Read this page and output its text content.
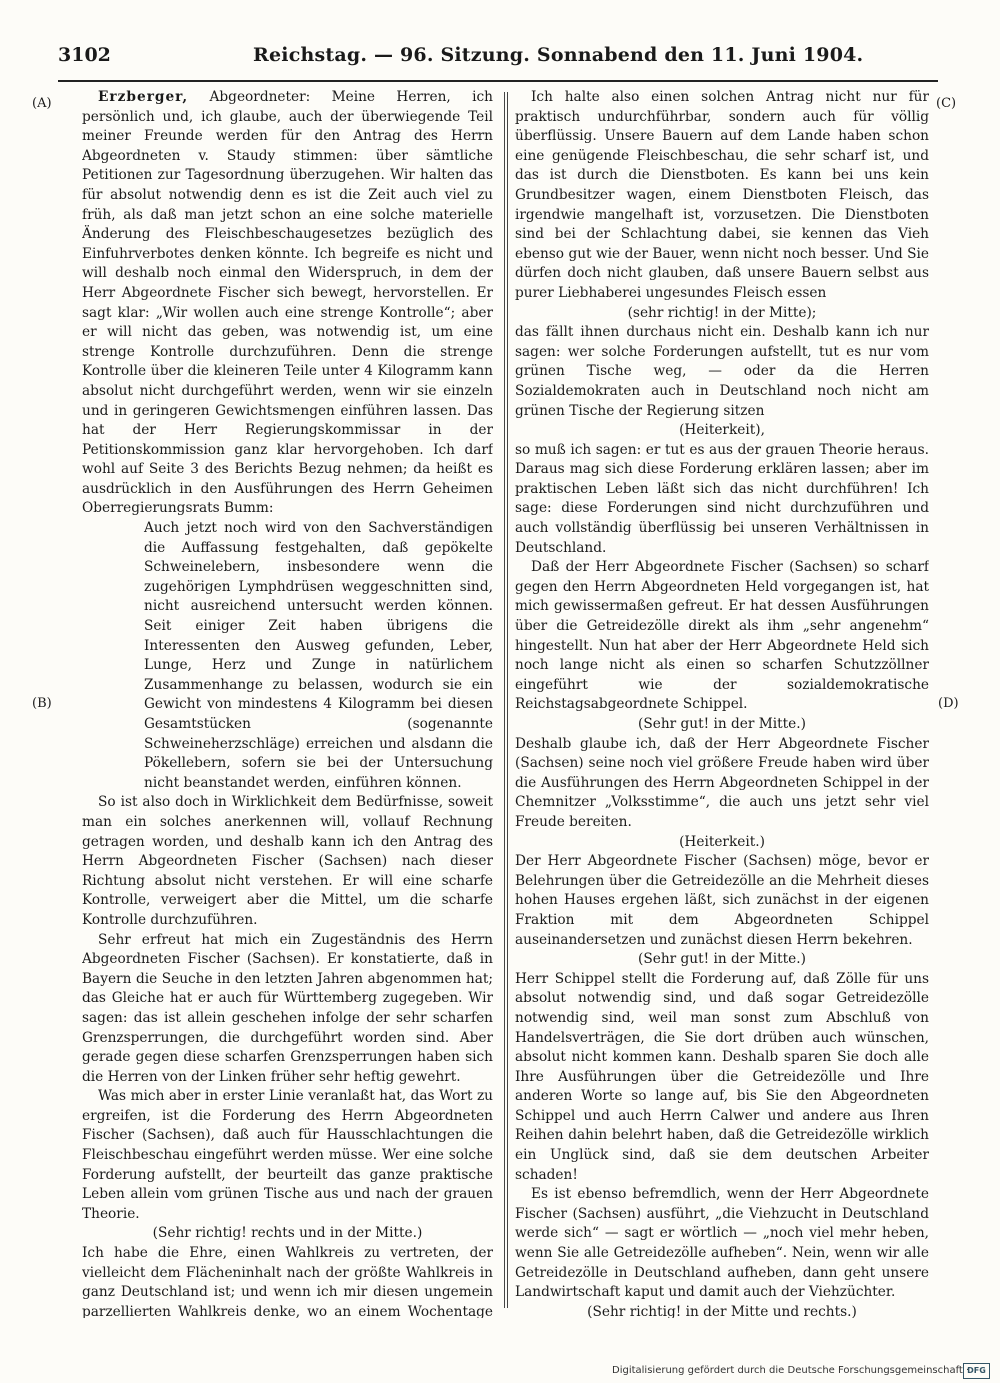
3102	Reichstag. — 96. Sitzung. Sonnabend den 11. Juni 1904.
(A)
(B)
(C)
(D)

Erzberger, Abgeordneter: Meine Herren, ich persönlich und, ich glaube, auch der überwiegende Teil meiner Freunde werden für den Antrag des Herrn Abgeordneten v. Staudy stimmen: über sämtliche Petitionen zur Tagesordnung überzugehen. Wir halten das für absolut notwendig denn es ist die Zeit auch viel zu früh, als daß man jetzt schon an eine solche materielle Änderung des Fleischbeschaugesetzes bezüglich des Einfuhrverbotes denken könnte. Ich begreife es nicht und will deshalb noch einmal den Widerspruch, in dem der Herr Abgeordnete Fischer sich bewegt, hervorstellen. Er sagt klar: „Wir wollen auch eine strenge Kontrolle“; aber er will nicht das geben, was notwendig ist, um eine strenge Kontrolle durchzuführen. Denn die strenge Kontrolle über die kleineren Teile unter 4 Kilogramm kann absolut nicht durchgeführt werden, wenn wir sie einzeln und in geringeren Gewichtsmengen einführen lassen. Das hat der Herr Regierungskommissar in der Petitionskommission ganz klar hervorgehoben. Ich darf wohl auf Seite 3 des Berichts Bezug nehmen; da heißt es ausdrücklich in den Ausführungen des Herrn Geheimen Oberregierungsrats Bumm:

Auch jetzt noch wird von den Sachverständigen die Auffassung festgehalten, daß gepökelte Schweinelebern, insbesondere wenn die zugehörigen Lymphdrüsen weggeschnitten sind, nicht ausreichend untersucht werden können. Seit einiger Zeit haben übrigens die Interessenten den Ausweg gefunden, Leber, Lunge, Herz und Zunge in natürlichem Zusammenhange zu belassen, wodurch sie ein Gewicht von mindestens 4 Kilogramm bei diesen Gesamtstücken (sogenannte Schweineherzschläge) erreichen und alsdann die Pökellebern, sofern sie bei der Untersuchung nicht beanstandet werden, einführen können.

So ist also doch in Wirklichkeit dem Bedürfnisse, soweit man ein solches anerkennen will, vollauf Rechnung getragen worden, und deshalb kann ich den Antrag des Herrn Abgeordneten Fischer (Sachsen) nach dieser Richtung absolut nicht verstehen. Er will eine scharfe Kontrolle, verweigert aber die Mittel, um die scharfe Kontrolle durchzuführen.

Sehr erfreut hat mich ein Zugeständnis des Herrn Abgeordneten Fischer (Sachsen). Er konstatierte, daß in Bayern die Seuche in den letzten Jahren abgenommen hat; das Gleiche hat er auch für Württemberg zugegeben. Wir sagen: das ist allein geschehen infolge der sehr scharfen Grenzsperrungen, die durchgeführt worden sind. Aber gerade gegen diese scharfen Grenzsperrungen haben sich die Herren von der Linken früher sehr heftig gewehrt.

Was mich aber in erster Linie veranlaßt hat, das Wort zu ergreifen, ist die Forderung des Herrn Abgeordneten Fischer (Sachsen), daß auch für Hausschlachtungen die Fleischbeschau eingeführt werden müsse. Wer eine solche Forderung aufstellt, der beurteilt das ganze praktische Leben allein vom grünen Tische aus und nach der grauen Theorie.

(Sehr richtig! rechts und in der Mitte.)

Ich habe die Ehre, einen Wahlkreis zu vertreten, der vielleicht dem Flächeninhalt nach der größte Wahlkreis in ganz Deutschland ist; und wenn ich mir diesen ungemein parzellierten Wahlkreis denke, wo an einem Wochentage

Ich halte also einen solchen Antrag nicht nur für praktisch undurchführbar, sondern auch für völlig überflüssig. Unsere Bauern auf dem Lande haben schon eine genügende Fleischbeschau, die sehr scharf ist, und das ist durch die Dienstboten. Es kann bei uns kein Grundbesitzer wagen, einem Dienstboten Fleisch, das irgendwie mangelhaft ist, vorzusetzen. Die Dienstboten sind bei der Schlachtung dabei, sie kennen das Vieh ebenso gut wie der Bauer, wenn nicht noch besser. Und Sie dürfen doch nicht glauben, daß unsere Bauern selbst aus purer Liebhaberei ungesundes Fleisch essen

(sehr richtig! in der Mitte);

das fällt ihnen durchaus nicht ein. Deshalb kann ich nur sagen: wer solche Forderungen aufstellt, tut es nur vom grünen Tische weg, — oder da die Herren Sozialdemokraten auch in Deutschland noch nicht am grünen Tische der Regierung sitzen

(Heiterkeit),

so muß ich sagen: er tut es aus der grauen Theorie heraus. Daraus mag sich diese Forderung erklären lassen; aber im praktischen Leben läßt sich das nicht durchführen! Ich sage: diese Forderungen sind nicht durchzuführen und auch vollständig überflüssig bei unseren Verhältnissen in Deutschland.

Daß der Herr Abgeordnete Fischer (Sachsen) so scharf gegen den Herrn Abgeordneten Held vorgegangen ist, hat mich gewissermaßen gefreut. Er hat dessen Ausführungen über die Getreidezölle direkt als ihm „sehr angenehm“ hingestellt. Nun hat aber der Herr Abgeordnete Held sich noch lange nicht als einen so scharfen Schutzzöllner eingeführt wie der sozialdemokratische Reichstagsabgeordnete Schippel.

(Sehr gut! in der Mitte.)

Deshalb glaube ich, daß der Herr Abgeordnete Fischer (Sachsen) seine noch viel größere Freude haben wird über die Ausführungen des Herrn Abgeordneten Schippel in der Chemnitzer „Volksstimme“, die auch uns jetzt sehr viel Freude bereiten.

(Heiterkeit.)

Der Herr Abgeordnete Fischer (Sachsen) möge, bevor er Belehrungen über die Getreidezölle an die Mehrheit dieses hohen Hauses ergehen läßt, sich zunächst in der eigenen Fraktion mit dem Abgeordneten Schippel auseinandersetzen und zunächst diesen Herrn bekehren.

(Sehr gut! in der Mitte.)

Herr Schippel stellt die Forderung auf, daß Zölle für uns absolut notwendig sind, und daß sogar Getreidezölle notwendig sind, weil man sonst zum Abschluß von Handelsverträgen, die Sie dort drüben auch wünschen, absolut nicht kommen kann. Deshalb sparen Sie doch alle Ihre Ausführungen über die Getreidezölle und Ihre anderen Worte so lange auf, bis Sie den Abgeordneten Schippel und auch Herrn Calwer und andere aus Ihren Reihen dahin belehrt haben, daß die Getreidezölle wirklich ein Unglück sind, daß sie dem deutschen Arbeiter schaden!

Es ist ebenso befremdlich, wenn der Herr Abgeordnete Fischer (Sachsen) ausführt, „die Viehzucht in Deutschland werde sich“ — sagt er wörtlich — „noch viel mehr heben, wenn Sie alle Getreidezölle aufheben“. Nein, wenn wir alle Getreidezölle in Deutschland aufheben, dann geht unsere Landwirtschaft kaput und damit auch der Viehzüchter.

(Sehr richtig! in der Mitte und rechts.)

Digitalisierung gefördert durch die Deutsche Forschungsgemeinschaft ·
DFG
